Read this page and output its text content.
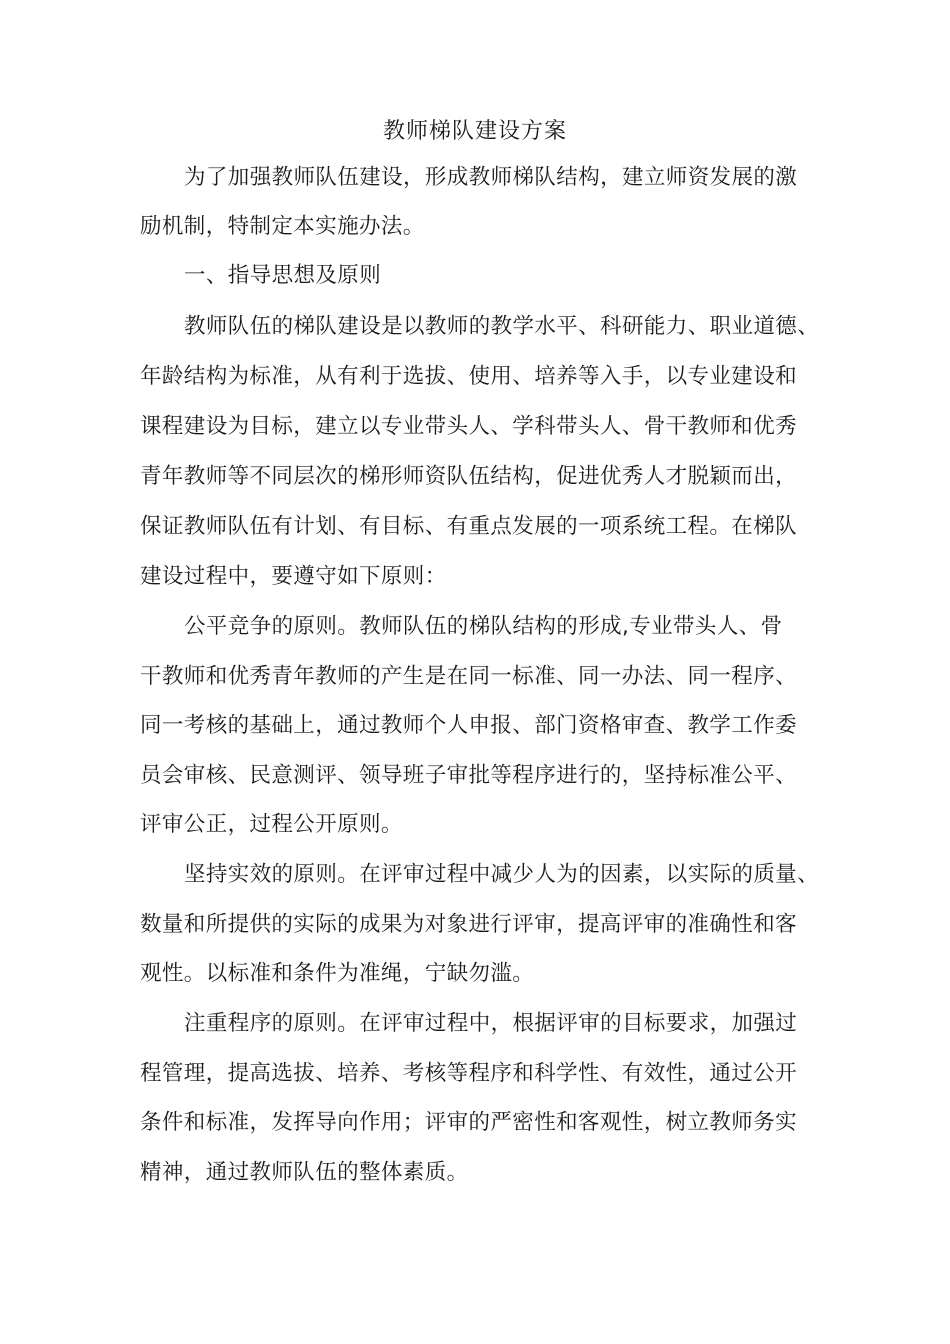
教师梯队建设方案
为了加强教师队伍建设，形成教师梯队结构，建立师资发展的激
励机制，特制定本实施办法。
一、指导思想及原则
教师队伍的梯队建设是以教师的教学水平、科研能力、职业道德、
年龄结构为标准，从有利于选拔、使用、培养等入手，以专业建设和
课程建设为目标，建立以专业带头人、学科带头人、骨干教师和优秀
青年教师等不同层次的梯形师资队伍结构，促进优秀人才脱颖而出，
保证教师队伍有计划、有目标、有重点发展的一项系统工程。在梯队
建设过程中，要遵守如下原则：
公平竞争的原则。教师队伍的梯队结构的形成,专业带头人、骨
干教师和优秀青年教师的产生是在同一标准、同一办法、同一程序、
同一考核的基础上，通过教师个人申报、部门资格审查、教学工作委
员会审核、民意测评、领导班子审批等程序进行的，坚持标准公平、
评审公正，过程公开原则。
坚持实效的原则。在评审过程中减少人为的因素，以实际的质量、
数量和所提供的实际的成果为对象进行评审，提高评审的准确性和客
观性。以标准和条件为准绳，宁缺勿滥。
注重程序的原则。在评审过程中，根据评审的目标要求，加强过
程管理，提高选拔、培养、考核等程序和科学性、有效性，通过公开
条件和标准，发挥导向作用；评审的严密性和客观性，树立教师务实
精神，通过教师队伍的整体素质。
